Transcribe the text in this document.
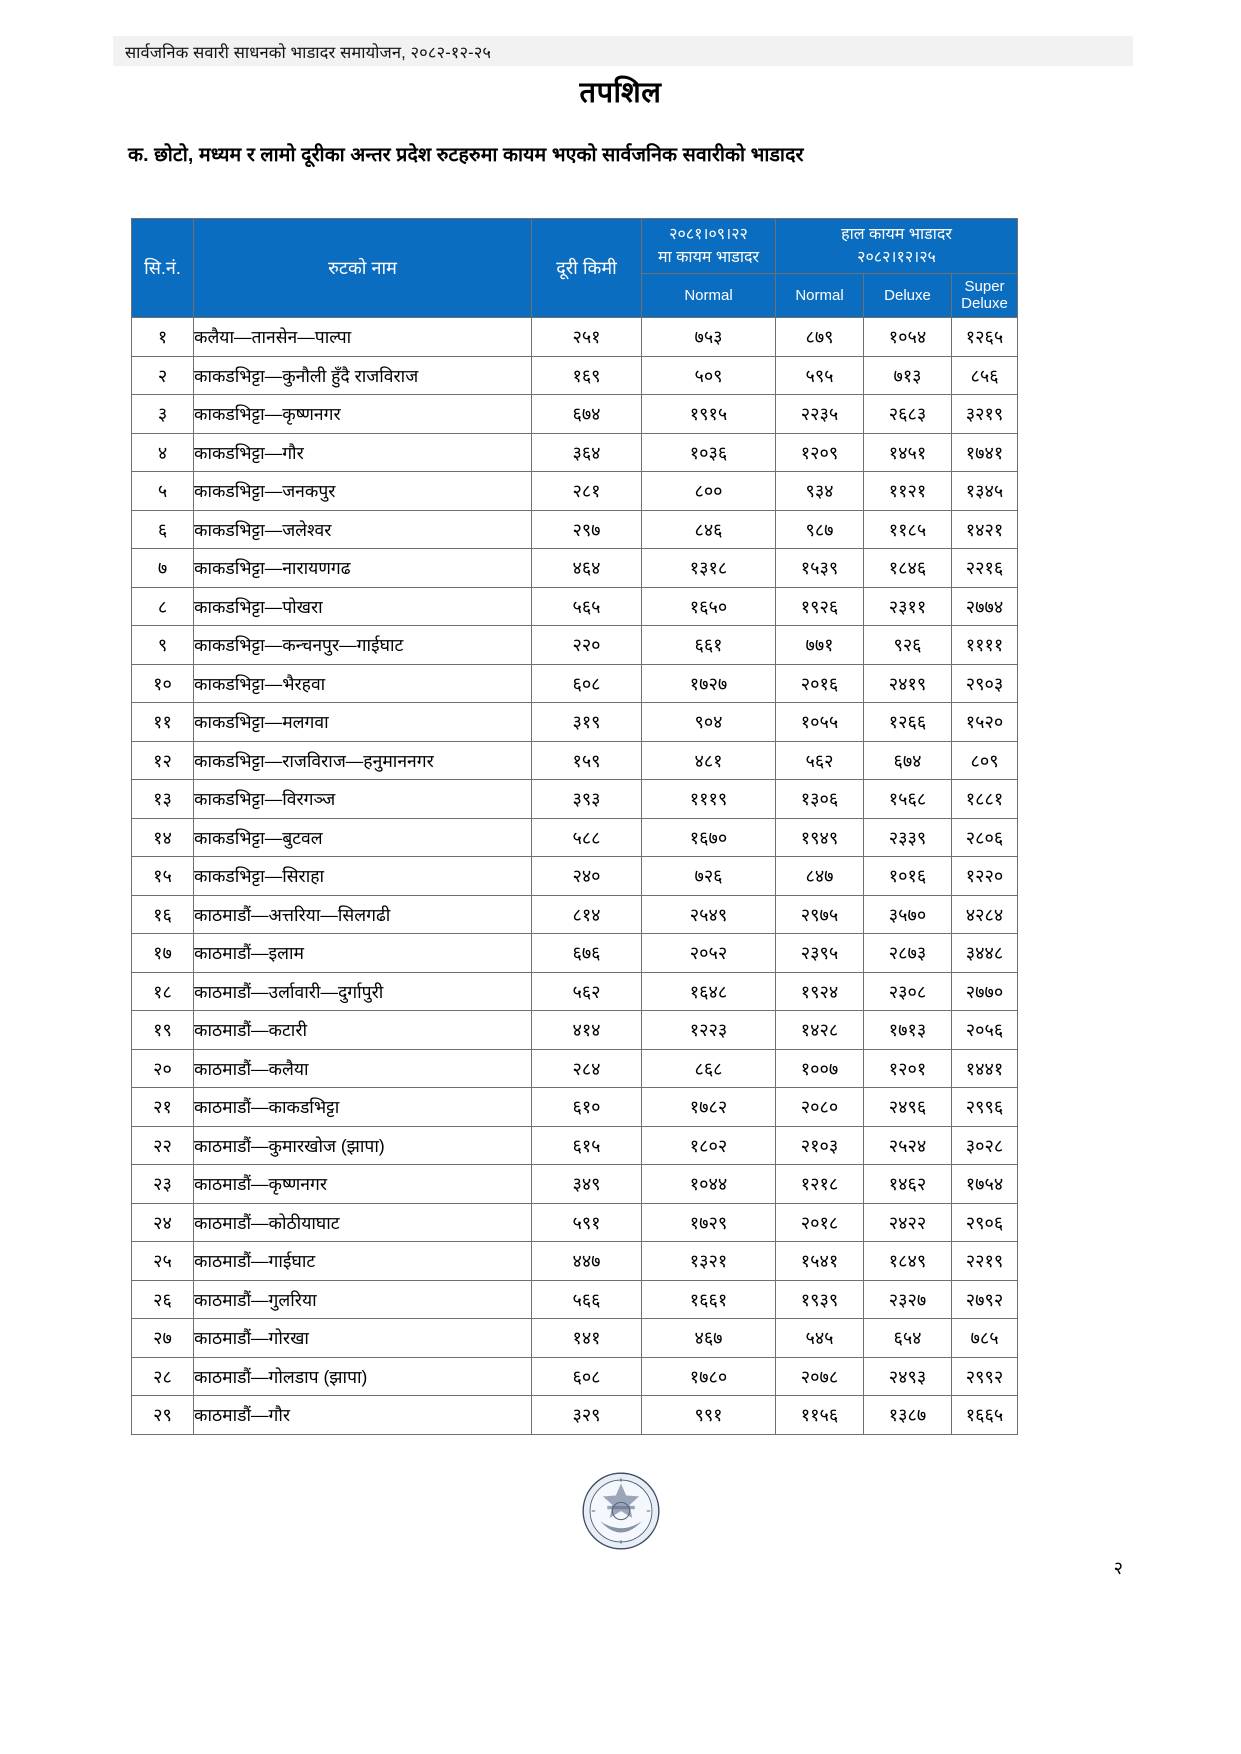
सार्वजनिक सवारी साधनको भाडादर समायोजन, २०८२-१२-२५
तपशिल
क. छोटो, मध्यम र लामो दूरीका अन्तर प्रदेश रुटहरुमा कायम भएको सार्वजनिक सवारीको भाडादर
सि.नं.	रुटको नाम	दूरी किमी	
२०८१।०९।२२
मा कायम भाडादर

हाल कायम भाडादर
२०८२।१२।२५

			Normal	Normal	Deluxe	Super Deluxe
१	कलैया—तानसेन—पाल्पा	२५१	७५३	८७९	१०५४	१२६५
२	काकडभिट्टा—कुनौली हुँदै राजविराज	१६९	५०९	५९५	७१३	८५६
३	काकडभिट्टा—कृष्णनगर	६७४	१९१५	२२३५	२६८३	३२१९
४	काकडभिट्टा—गौर	३६४	१०३६	१२०९	१४५१	१७४१
५	काकडभिट्टा—जनकपुर	२८१	८००	९३४	११२१	१३४५
६	काकडभिट्टा—जलेश्वर	२९७	८४६	९८७	११८५	१४२१
७	काकडभिट्टा—नारायणगढ	४६४	१३१८	१५३९	१८४६	२२१६
८	काकडभिट्टा—पोखरा	५६५	१६५०	१९२६	२३११	२७७४
९	काकडभिट्टा—कन्चनपुर—गाईघाट	२२०	६६१	७७१	९२६	११११
१०	काकडभिट्टा—भैरहवा	६०८	१७२७	२०१६	२४१९	२९०३
११	काकडभिट्टा—मलगवा	३१९	९०४	१०५५	१२६६	१५२०
१२	काकडभिट्टा—राजविराज—हनुमाननगर	१५९	४८१	५६२	६७४	८०९
१३	काकडभिट्टा—विरगञ्ज	३९३	१११९	१३०६	१५६८	१८८१
१४	काकडभिट्टा—बुटवल	५८८	१६७०	१९४९	२३३९	२८०६
१५	काकडभिट्टा—सिराहा	२४०	७२६	८४७	१०१६	१२२०
१६	काठमाडौं—अत्तरिया—सिलगढी	८१४	२५४९	२९७५	३५७०	४२८४
१७	काठमाडौं—इलाम	६७६	२०५२	२३९५	२८७३	३४४८
१८	काठमाडौं—उर्लावारी—दुर्गापुरी	५६२	१६४८	१९२४	२३०८	२७७०
१९	काठमाडौं—कटारी	४१४	१२२३	१४२८	१७१३	२०५६
२०	काठमाडौं—कलैया	२८४	८६८	१००७	१२०१	१४४१
२१	काठमाडौं—काकडभिट्टा	६१०	१७८२	२०८०	२४९६	२९९६
२२	काठमाडौं—कुमारखोज (झापा)	६१५	१८०२	२१०३	२५२४	३०२८
२३	काठमाडौं—कृष्णनगर	३४९	१०४४	१२१८	१४६२	१७५४
२४	काठमाडौं—कोठीयाघाट	५९१	१७२९	२०१८	२४२२	२९०६
२५	काठमाडौं—गाईघाट	४४७	१३२१	१५४१	१८४९	२२१९
२६	काठमाडौं—गुलरिया	५६६	१६६१	१९३९	२३२७	२७९२
२७	काठमाडौं—गोरखा	१४१	४६७	५४५	६५४	७८५
२८	काठमाडौं—गोलडाप (झापा)	६०८	१७८०	२०७८	२४९३	२९९२
२९	काठमाडौं—गौर	३२९	९९१	११५६	१३८७	१६६५
२
